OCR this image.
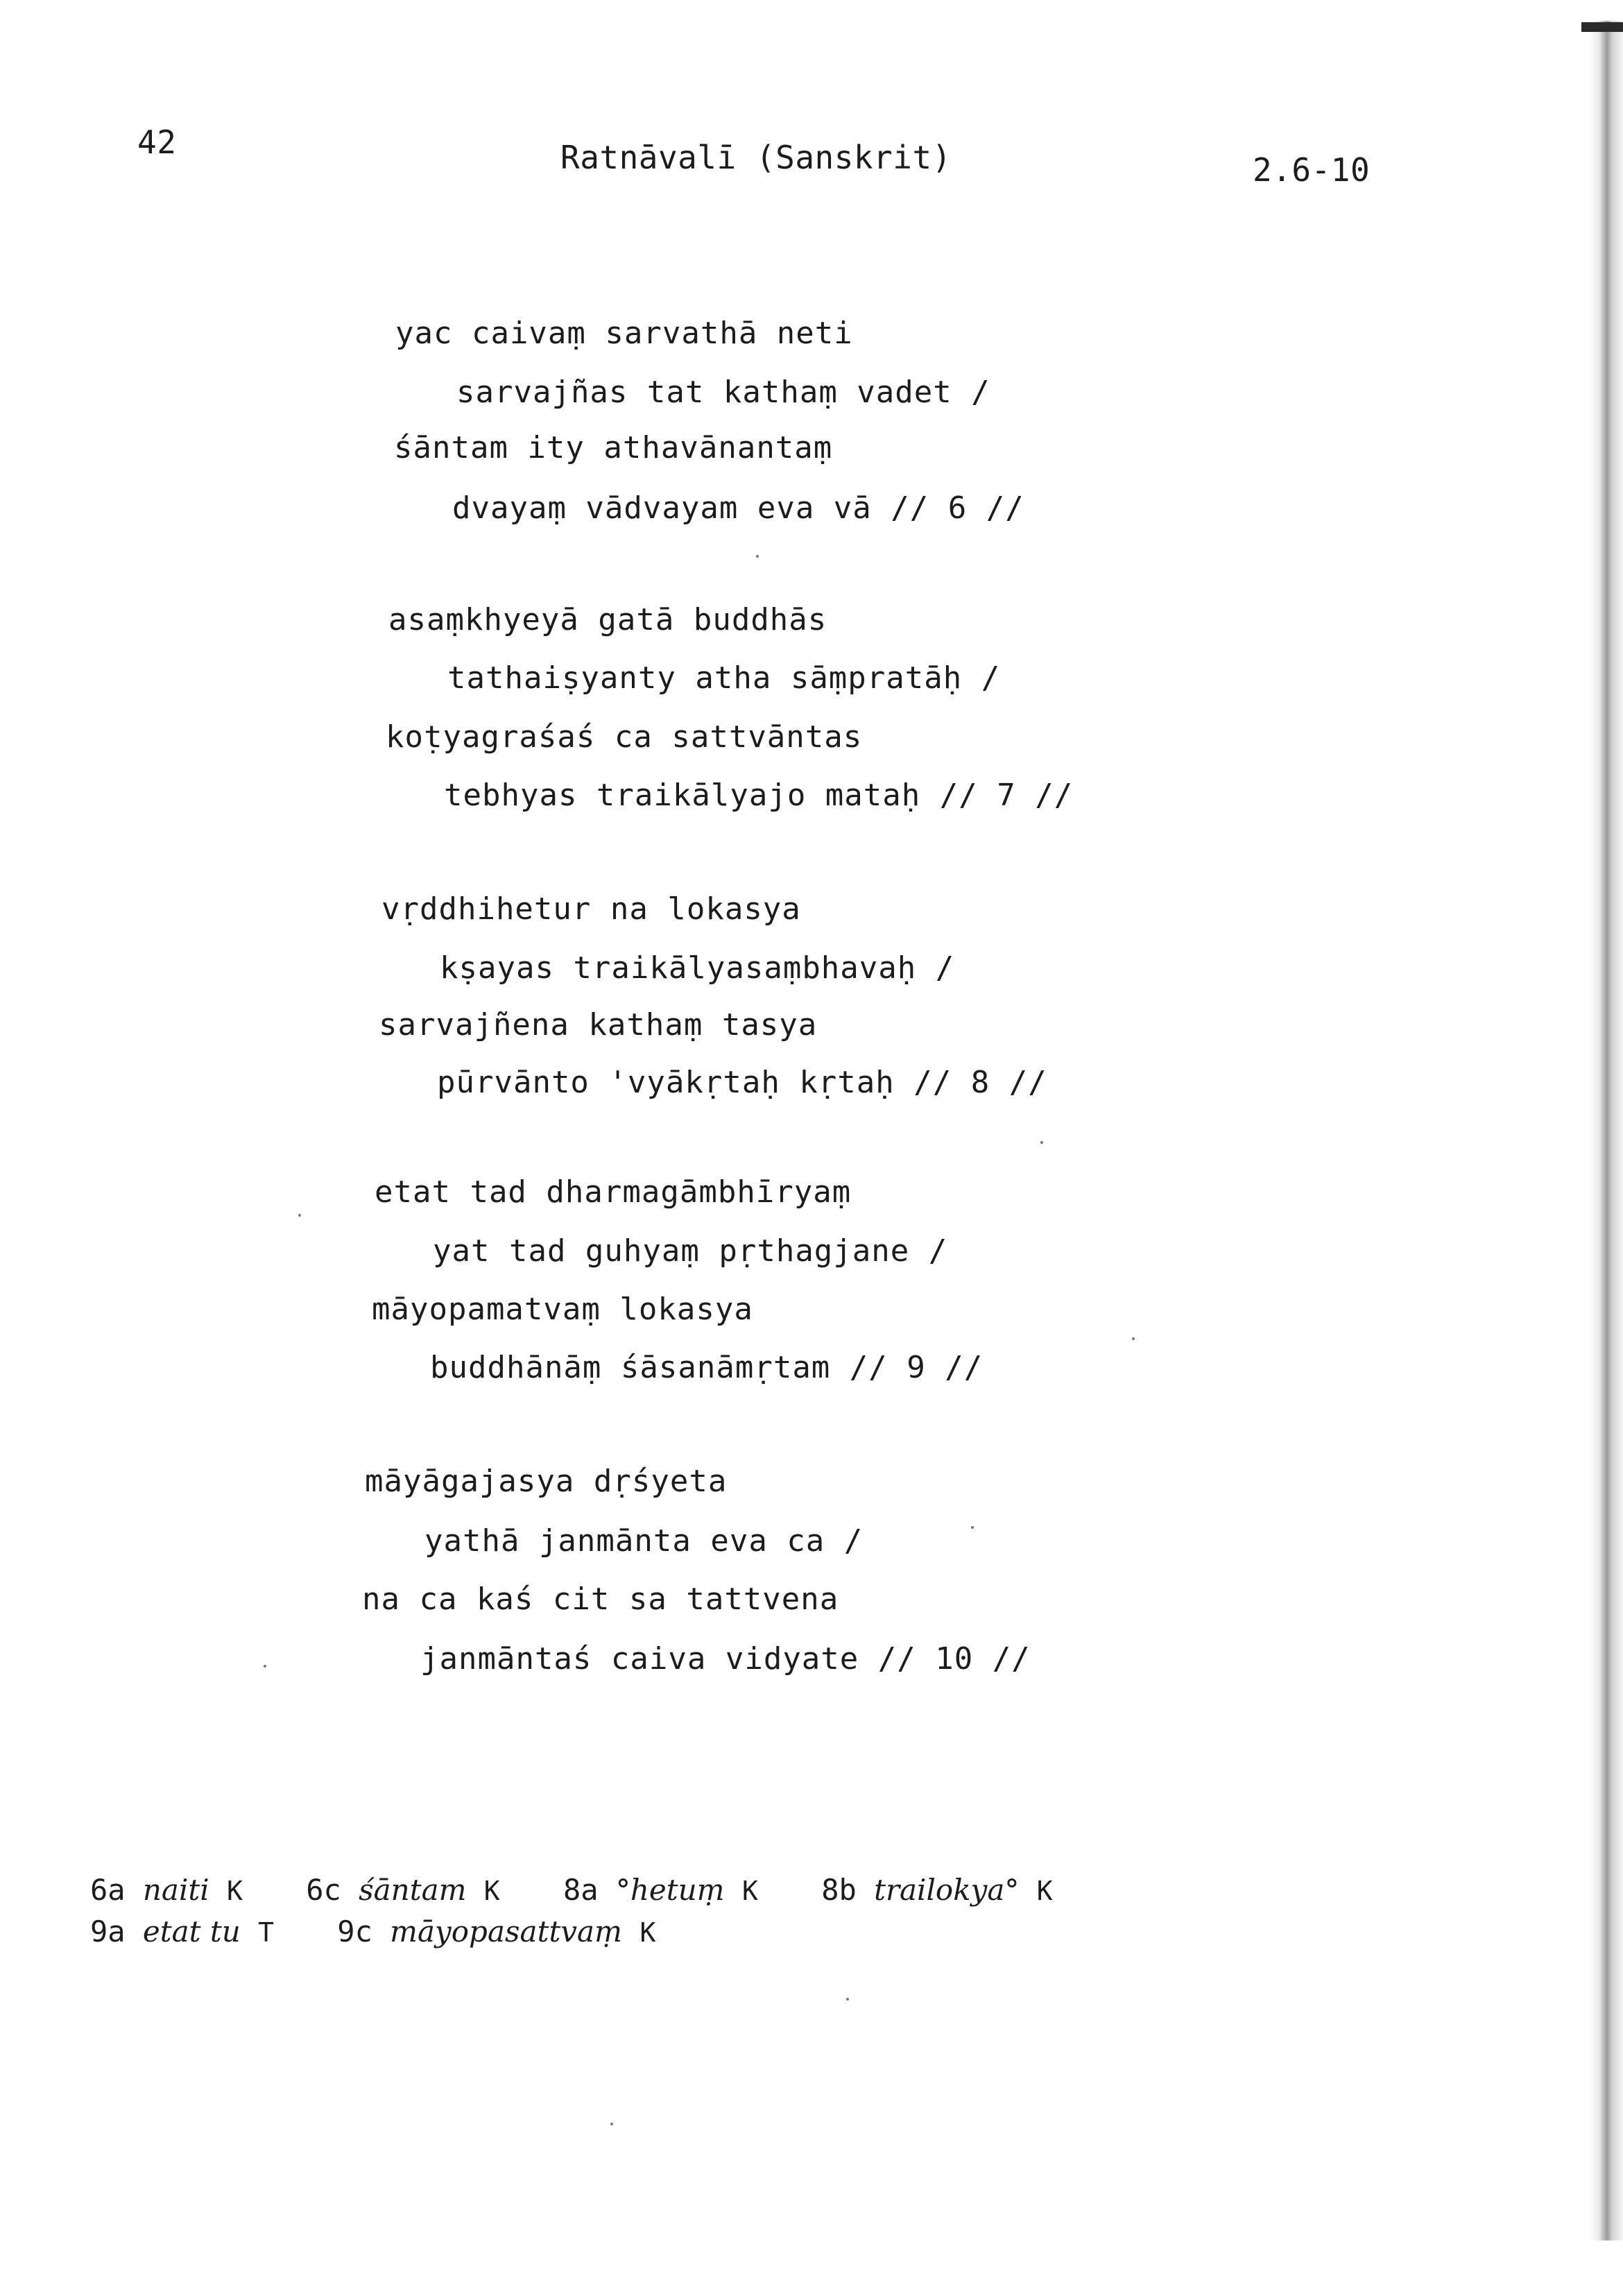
42	Ratnāvalī (Sanskrit)	2.6-10
yac caivaṃ sarvathā neti
sarvajñas tat kathaṃ vadet /
śāntam ity athavānantaṃ
dvayaṃ vādvayam eva vā // 6 //
asaṃkhyeyā gatā buddhās
tathaiṣyanty atha sāṃpratāḥ /
koṭyagraśaś ca sattvāntas
tebhyas traikālyajo mataḥ // 7 //
vṛddhihetur na lokasya
kṣayas traikālyasaṃbhavaḥ /
sarvajñena kathaṃ tasya
pūrvānto 'vyākṛtaḥ kṛtaḥ // 8 //
etat tad dharmagāmbhīryaṃ
yat tad guhyaṃ pṛthagjane /
māyopamatvaṃ lokasya
buddhānāṃ śāsanāmṛtam // 9 //
māyāgajasya dṛśyeta
yathā janmānta eva ca /
na ca kaś cit sa tattvena
janmāntaś caiva vidyate // 10 //
6a naiti K 6c śāntam K 8a °hetuṃ K 8b trailokya° K
9a etat tu T 9c māyopasattvaṃ K
